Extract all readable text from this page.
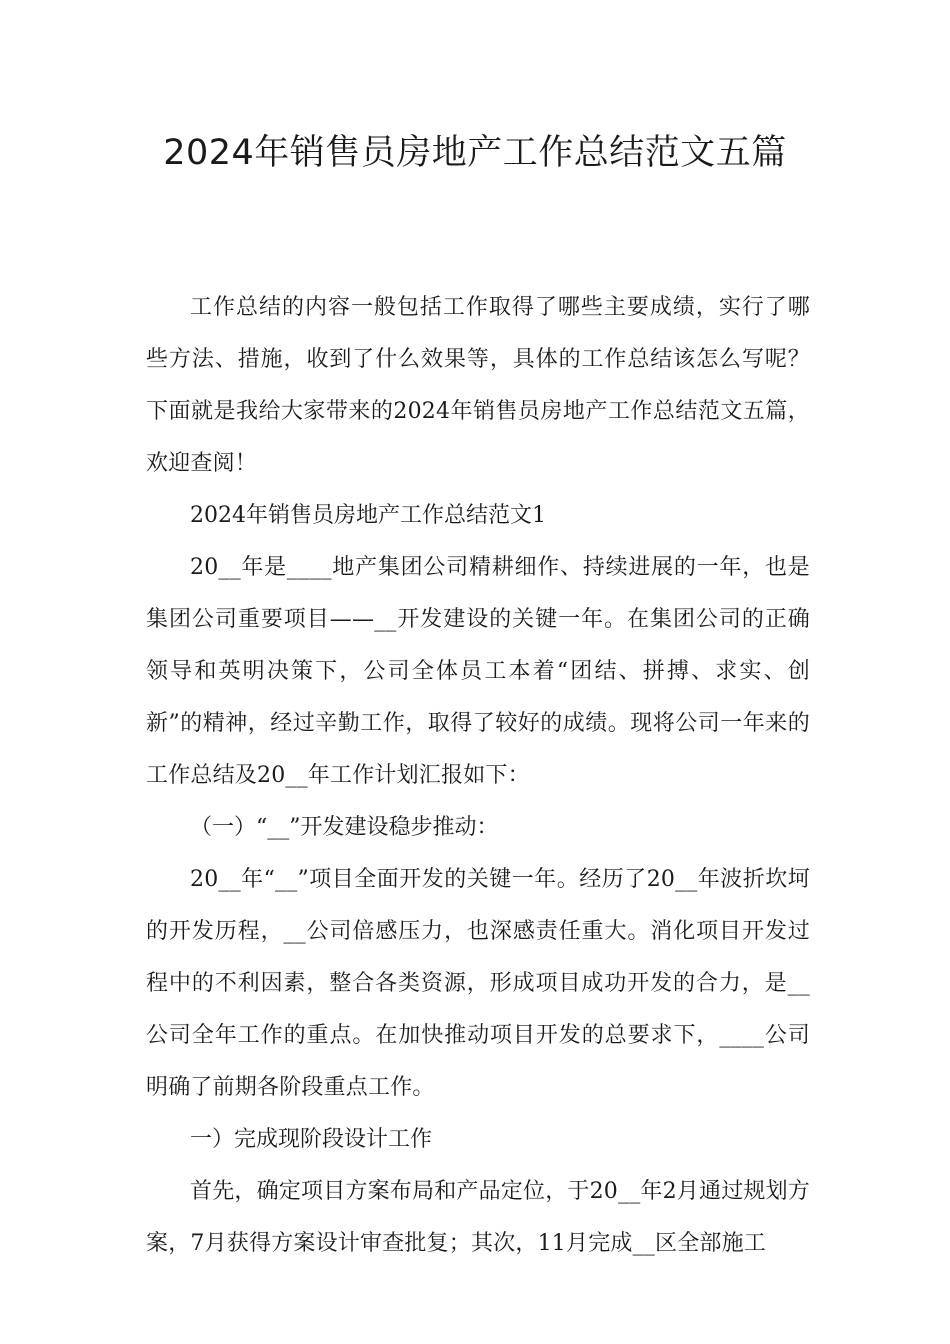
2024年销售员房地产工作总结范文五篇

工作总结的内容一般包括工作取得了哪些主要成绩，实行了哪些方法、措施，收到了什么效果等，具体的工作总结该怎么写呢？下面就是我给大家带来的2024年销售员房地产工作总结范文五篇，欢迎查阅！

2024年销售员房地产工作总结范文1

20__年是____地产集团公司精耕细作、持续进展的一年，也是集团公司重要项目——__开发建设的关键一年。在集团公司的正确领导和英明决策下，公司全体员工本着“团结、拼搏、求实、创新”的精神，经过辛勤工作，取得了较好的成绩。现将公司一年来的工作总结及20__年工作计划汇报如下：

（一）“__”开发建设稳步推动：

20__年“__”项目全面开发的关键一年。经历了20__年波折坎坷的开发历程，__公司倍感压力，也深感责任重大。消化项目开发过程中的不利因素，整合各类资源，形成项目成功开发的合力，是__公司全年工作的重点。在加快推动项目开发的总要求下，____公司明确了前期各阶段重点工作。

一）完成现阶段设计工作

首先，确定项目方案布局和产品定位，于20__年2月通过规划方案，7月获得方案设计审查批复；其次，11月完成__区全部施工
